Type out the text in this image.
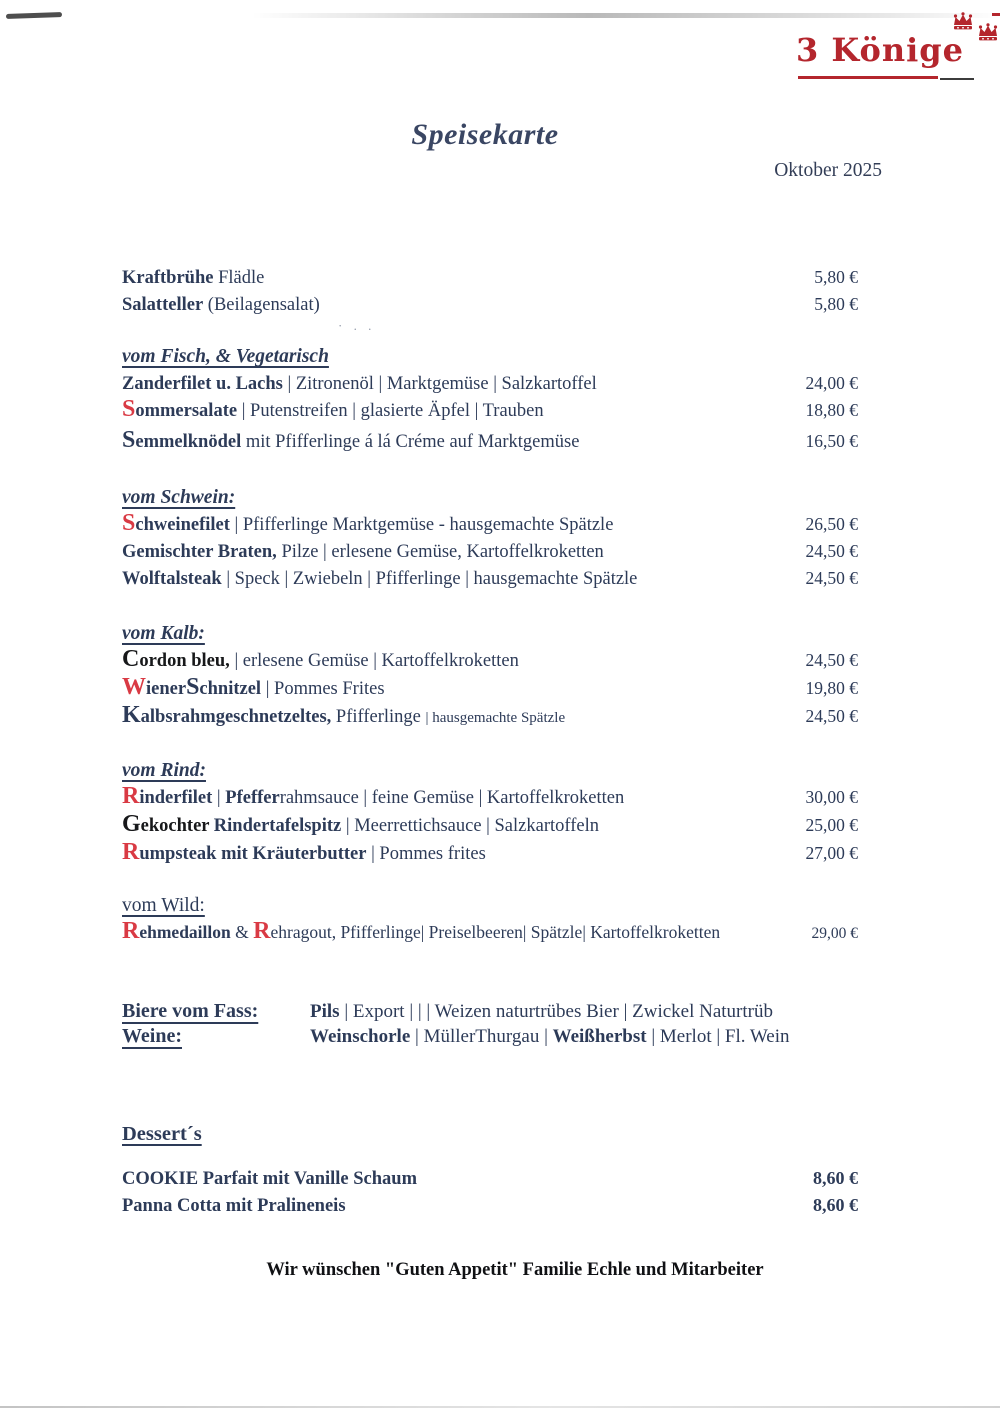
· . .
3 Könige
Speisekarte
Oktober 2025
Kraftbrühe Flädle	5,80 €
Salatteller (Beilagensalat)	5,80 €
vom Fisch, & Vegetarisch
Zanderfilet u. Lachs | Zitronenöl | Marktgemüse | Salzkartoffel	24,00 €
Sommersalate | Putenstreifen | glasierte Äpfel | Trauben	18,80 €
Semmelknödel mit Pfifferlinge á lá Créme auf Marktgemüse	16,50 €
vom Schwein:
Schweinefilet | Pfifferlinge Marktgemüse - hausgemachte Spätzle	26,50 €
Gemischter Braten, Pilze | erlesene Gemüse, Kartoffelkroketten	24,50 €
Wolftalsteak | Speck | Zwiebeln | Pfifferlinge | hausgemachte Spätzle	24,50 €
vom Kalb:
Cordon bleu, | erlesene Gemüse | Kartoffelkroketten	24,50 €
WienerSchnitzel | Pommes Frites	19,80 €
Kalbsrahmgeschnetzeltes, Pfifferlinge | hausgemachte Spätzle	24,50 €
vom Rind:
Rinderfilet | Pfefferrahmsauce | feine Gemüse | Kartoffelkroketten	30,00 €
Gekochter Rindertafelspitz | Meerrettichsauce | Salzkartoffeln	25,00 €
Rumpsteak mit Kräuterbutter | Pommes frites	27,00 €
vom Wild:
Rehmedaillon & Rehragout, Pfifferlinge| Preiselbeeren| Spätzle| Kartoffelkroketten	29,00 €
Biere vom Fass:	Pils | Export | | | Weizen naturtrübes Bier | Zwickel Naturtrüb
Weine:	Weinschorle | MüllerThurgau | Weißherbst | Merlot | Fl. Wein
Dessert´s
COOKIE Parfait mit Vanille Schaum	8,60 €
Panna Cotta mit Pralineneis	8,60 €
Wir wünschen "Guten Appetit" Familie Echle und Mitarbeiter
